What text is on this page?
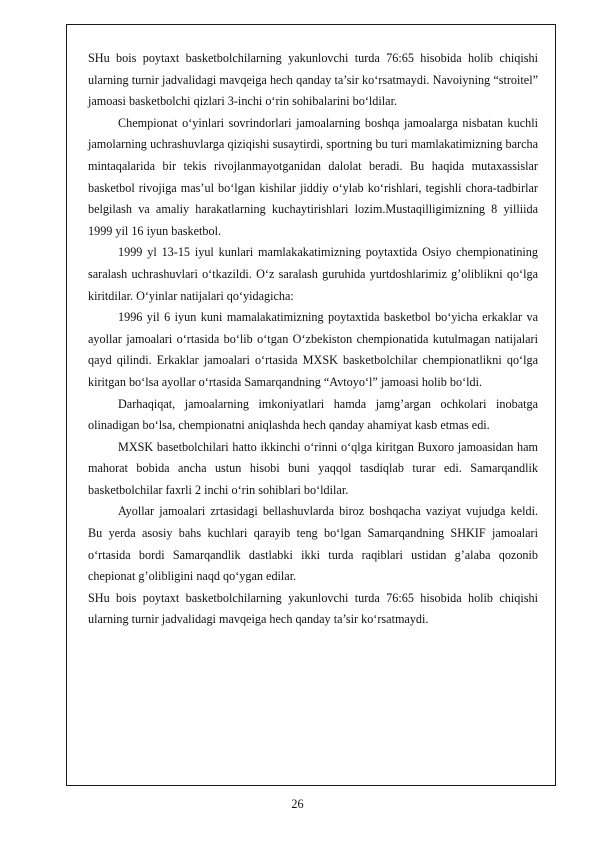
SHu bois poytaxt basketbolchilarning yakunlovchi turda 76:65 hisobida holib chiqishi ularning turnir jadvalidagi mavqeiga hech qanday ta’sir ko‘rsatmaydi. Navoiyning “stroitel” jamoasi basketbolchi qizlari 3-inchi o‘rin sohibalarini bo‘ldilar.

Chempionat o‘yinlari sovrindorlari jamoalarning boshqa jamoalarga nisbatan kuchli jamolarning uchrashuvlarga qiziqishi susaytirdi, sportning bu turi mamlakatimizning barcha mintaqalarida bir tekis rivojlanmayotganidan dalolat beradi. Bu haqida mutaxassislar basketbol rivojiga mas’ul bo‘lgan kishilar jiddiy o‘ylab ko‘rishlari, tegishli chora-tadbirlar belgilash va amaliy harakatlarning kuchaytirishlari lozim.Mustaqilligimizning 8 yilliida 1999 yil 16 iyun basketbol.

1999 yl 13-15 iyul kunlari mamlakakatimizning poytaxtida Osiyo chempionatining saralash uchrashuvlari o‘tkazildi. O‘z saralash guruhida yurtdoshlarimiz g’oliblikni qo‘lga kiritdilar. O‘yinlar natijalari qo‘yidagicha:

1996 yil 6 iyun kuni mamalakatimizning poytaxtida basketbol bo‘yicha erkaklar va ayollar jamoalari o‘rtasida bo‘lib o‘tgan O‘zbekiston chempionatida kutulmagan natijalari qayd qilindi. Erkaklar jamoalari o‘rtasida MXSK basketbolchilar chempionatlikni qo‘lga kiritgan bo‘lsa ayollar o‘rtasida Samarqandning “Avtoyo‘l” jamoasi holib bo‘ldi.

Darhaqiqat, jamoalarning imkoniyatlari hamda jamg’argan ochkolari inobatga olinadigan bo‘lsa, chempionatni aniqlashda hech qanday ahamiyat kasb etmas edi.

MXSK basetbolchilari hatto ikkinchi o‘rinni o‘qlga kiritgan Buxoro jamoasidan ham mahorat bobida ancha ustun hisobi buni yaqqol tasdiqlab turar edi. Samarqandlik basketbolchilar faxrli 2 inchi o‘rin sohiblari bo‘ldilar.

Ayollar jamoalari zrtasidagi bellashuvlarda biroz boshqacha vaziyat vujudga keldi. Bu yerda asosiy bahs kuchlari qarayib teng bo‘lgan Samarqandning SHKIF jamoalari o‘rtasida bordi Samarqandlik dastlabki ikki turda raqiblari ustidan g’alaba qozonib chepionat g’olibligini naqd qo‘ygan edilar.

SHu bois poytaxt basketbolchilarning yakunlovchi turda 76:65 hisobida holib chiqishi ularning turnir jadvalidagi mavqeiga hech qanday ta’sir ko‘rsatmaydi.

26
